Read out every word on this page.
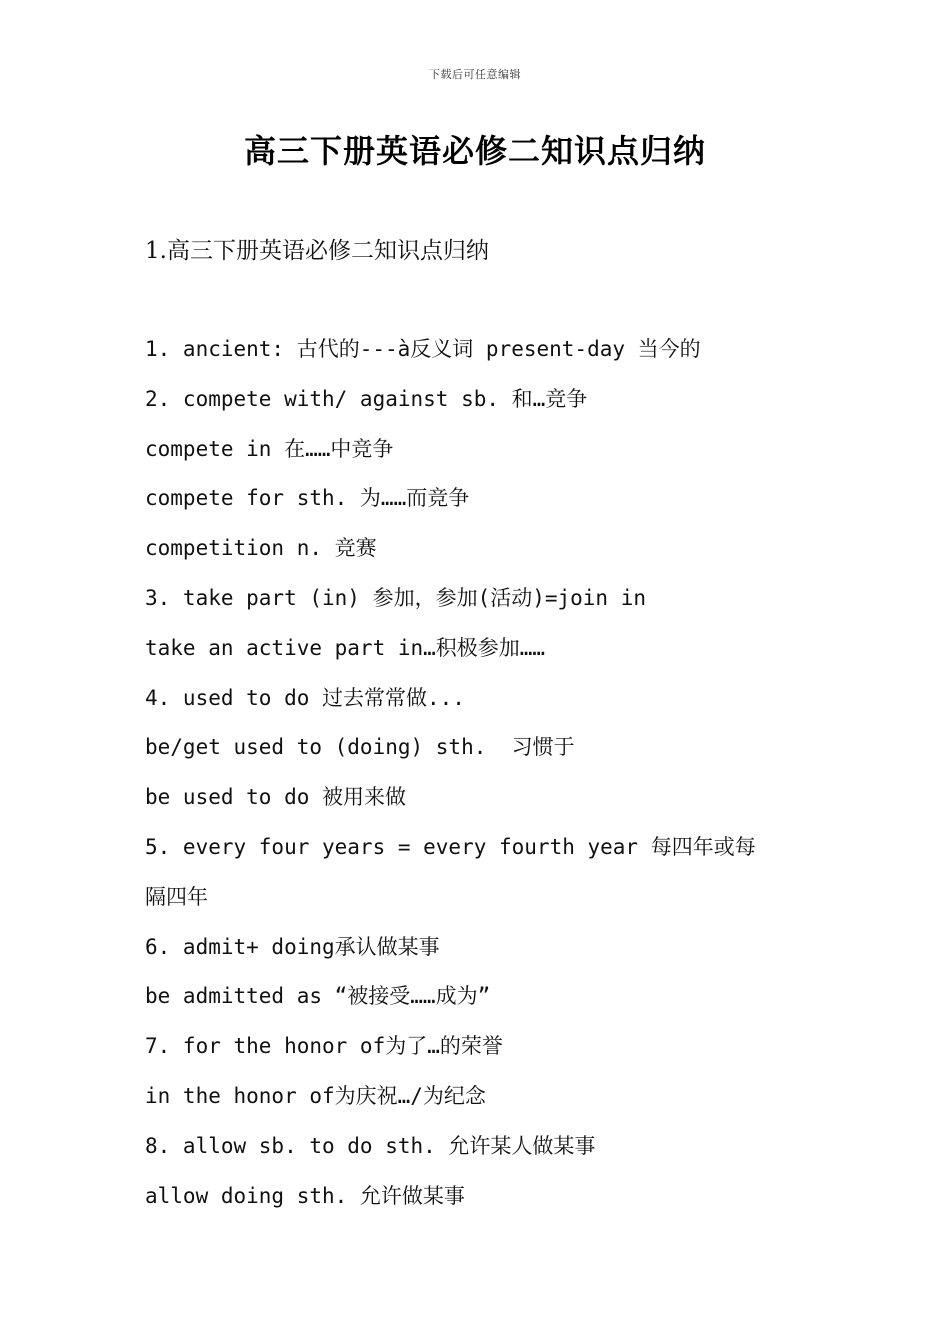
下载后可任意编辑
高三下册英语必修二知识点归纳
1.高三下册英语必修二知识点归纳
1. ancient: 古代的---à反义词 present-day 当今的
2. compete with/ against sb. 和…竞争
compete in 在……中竞争
compete for sth. 为……而竞争
competition n. 竞赛
3. take part (in) 参加，参加(活动)=join in
take an active part in…积极参加……
4. used to do 过去常常做...
be/get used to (doing) sth.  习惯于
be used to do 被用来做
5. every four years = every fourth year 每四年或每
隔四年
6. admit+ doing承认做某事
be admitted as “被接受……成为”
7. for the honor of为了…的荣誉
in the honor of为庆祝…/为纪念
8. allow sb. to do sth. 允许某人做某事
allow doing sth. 允许做某事
